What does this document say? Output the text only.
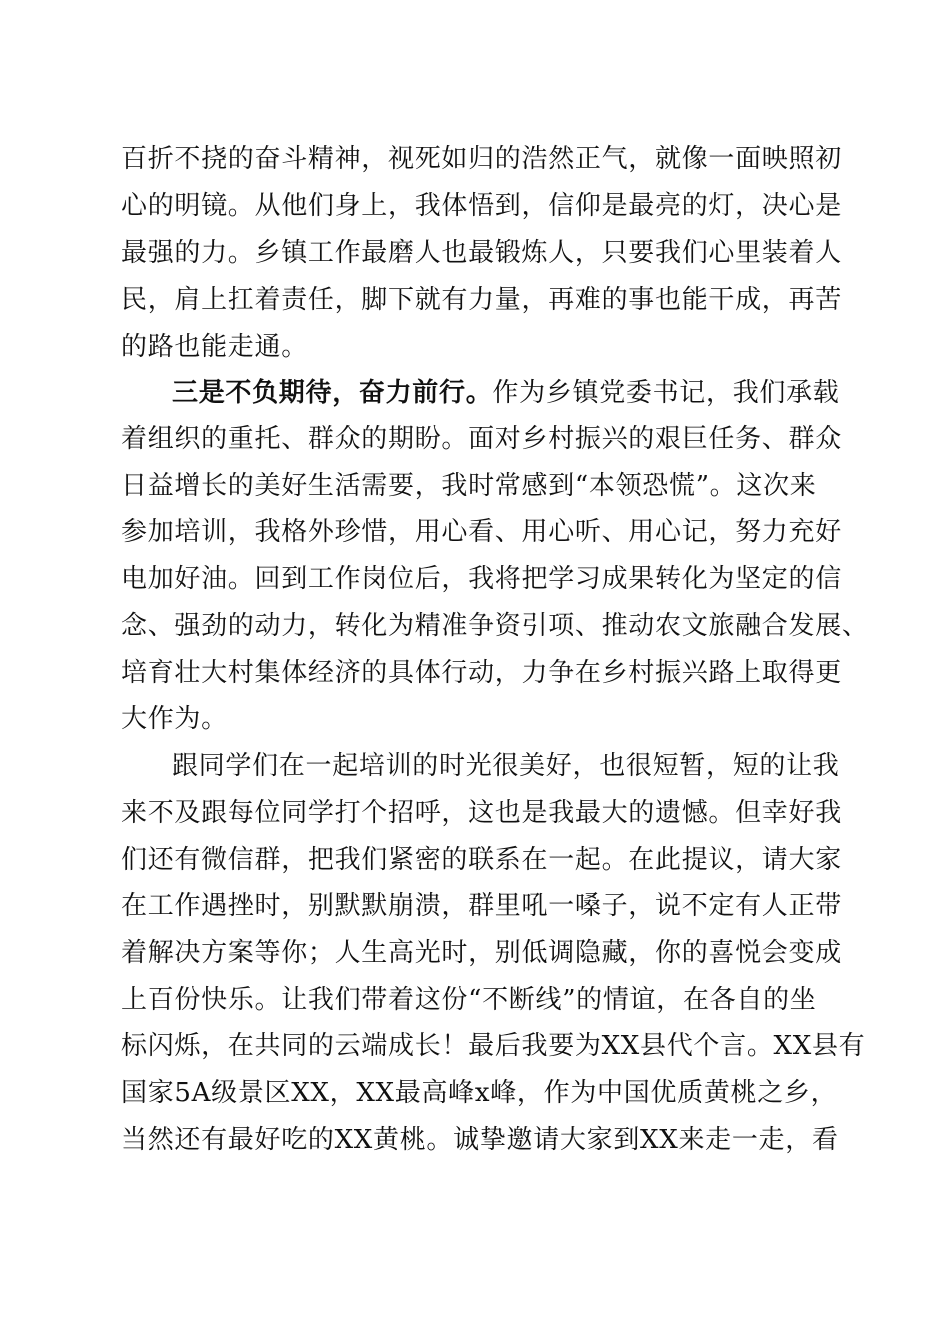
百折不挠的奋斗精神，视死如归的浩然正气，就像一面映照初
心的明镜。从他们身上，我体悟到，信仰是最亮的灯，决心是
最强的力。乡镇工作最磨人也最锻炼人，只要我们心里装着人
民，肩上扛着责任，脚下就有力量，再难的事也能干成，再苦
的路也能走通。
三是不负期待，奋力前行。作为乡镇党委书记，我们承载
着组织的重托、群众的期盼。面对乡村振兴的艰巨任务、群众
日益增长的美好生活需要，我时常感到“本领恐慌”。这次来
参加培训，我格外珍惜，用心看、用心听、用心记，努力充好
电加好油。回到工作岗位后，我将把学习成果转化为坚定的信
念、强劲的动力，转化为精准争资引项、推动农文旅融合发展、
培育壮大村集体经济的具体行动，力争在乡村振兴路上取得更
大作为。
跟同学们在一起培训的时光很美好，也很短暂，短的让我
来不及跟每位同学打个招呼，这也是我最大的遗憾。但幸好我
们还有微信群，把我们紧密的联系在一起。在此提议，请大家
在工作遇挫时，别默默崩溃，群里吼一嗓子，说不定有人正带
着解决方案等你；人生高光时，别低调隐藏，你的喜悦会变成
上百份快乐。让我们带着这份“不断线”的情谊，在各自的坐
标闪烁，在共同的云端成长！最后我要为XX县代个言。XX县有
国家5A级景区XX，XX最高峰x峰，作为中国优质黄桃之乡，
当然还有最好吃的XX黄桃。诚挚邀请大家到XX来走一走，看
